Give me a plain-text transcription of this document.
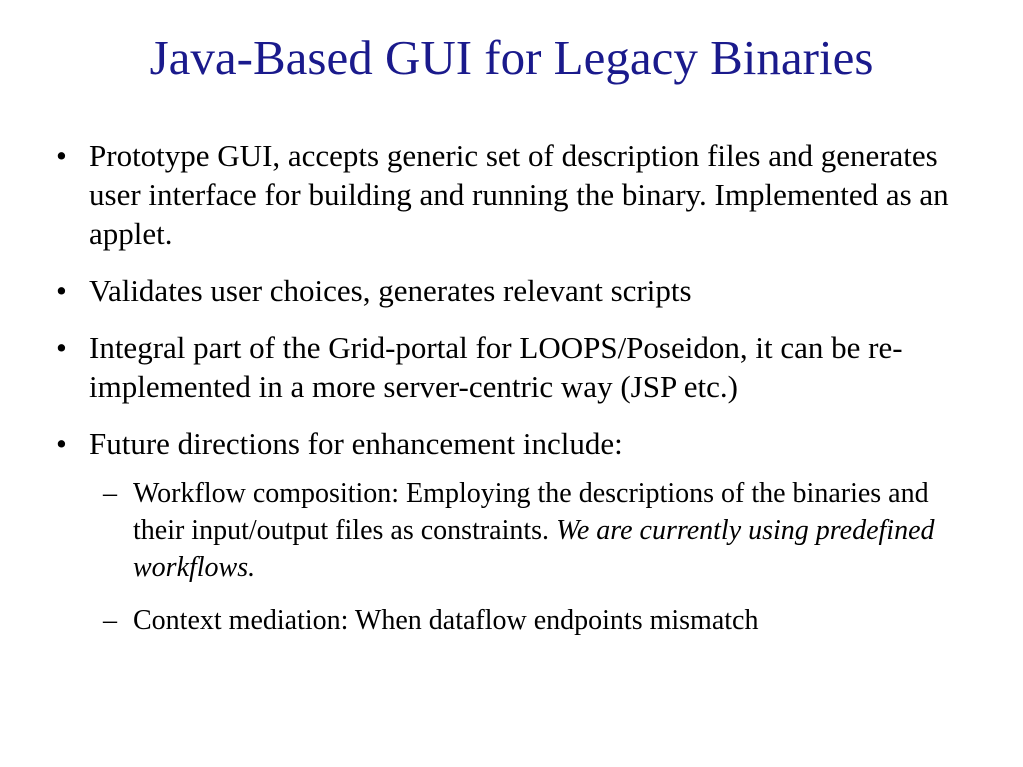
Java-Based GUI for Legacy Binaries
• Prototype GUI, accepts generic set of description files and generates user interface for building and running the binary. Implemented as an applet.
• Validates user choices, generates relevant scripts
• Integral part of the Grid-portal for LOOPS/Poseidon, it can be re-implemented in a more server-centric way (JSP etc.)
• Future directions for enhancement include:
– Workflow composition: Employing the descriptions of the binaries and their input/output files as constraints. We are currently using predefined workflows.
– Context mediation: When dataflow endpoints mismatch
